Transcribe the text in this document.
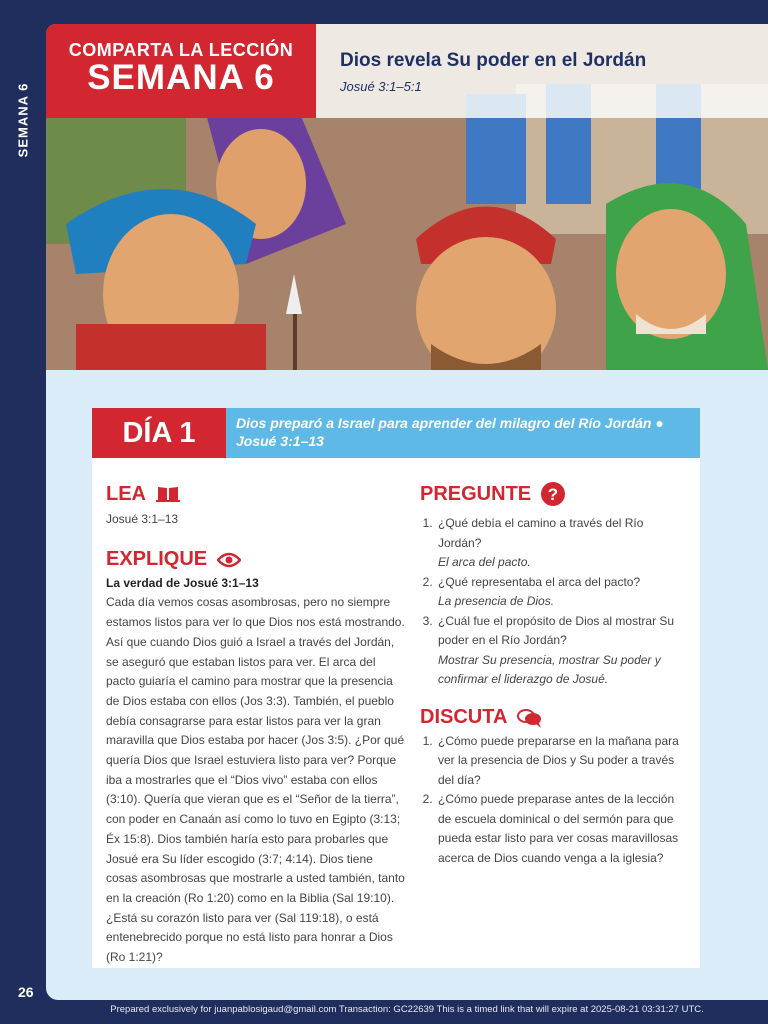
SEMANA 6
COMPARTA LA LECCIÓN
SEMANA 6	Dios revela Su poder en el Jordán
Josué 3:1–5:1
DÍA 1	Dios preparó a Israel para aprender del milagro del Río Jordán ● Josué 3:1–13
LEA
Josué 3:1–13
EXPLIQUE
La verdad de Josué 3:1–13
Cada día vemos cosas asombrosas, pero no siempre estamos listos para ver lo que Dios nos está mostrando. Así que cuando Dios guió a Israel a través del Jordán, se aseguró que estaban listos para ver. El arca del pacto guiaría el camino para mostrar que la presencia de Dios estaba con ellos (Jos 3:3). También, el pueblo debía consagrarse para estar listos para ver la gran maravilla que Dios estaba por hacer (Jos 3:5). ¿Por qué quería Dios que Israel estuviera listo para ver? Porque iba a mostrarles que el “Dios vivo” estaba con ellos (3:10). Quería que vieran que es el “Señor de la tierra”, con poder en Canaán así como lo tuvo en Egipto (3:13; Éx 15:8). Dios también haría esto para probarles que Josué era Su líder escogido (3:7; 4:14). Dios tiene cosas asombrosas que mostrarle a usted también, tanto en la creación (Ro 1:20) como en la Biblia (Sal 19:10). ¿Está su corazón listo para ver (Sal 119:18), o está entenebrecido porque no está listo para honrar a Dios (Ro 1:21)?
PREGUNTE ?
1. ¿Qué debía el camino a través del Río Jordán?
El arca del pacto.
2. ¿Qué representaba el arca del pacto?
La presencia de Dios.
3. ¿Cuál fue el propósito de Dios al mostrar Su poder en el Río Jordán?
Mostrar Su presencia, mostrar Su poder y confirmar el liderazgo de Josué.
DISCUTA
1. ¿Cómo puede prepararse en la mañana para ver la presencia de Dios y Su poder a través del día?
2. ¿Cómo puede preparase antes de la lección de escuela dominical o del sermón para que pueda estar listo para ver cosas maravillosas acerca de Dios cuando venga a la iglesia?
26
Prepared exclusively for juanpablosigaud@gmail.com Transaction: GC22639 This is a timed link that will expire at 2025-08-21 03:31:27 UTC.
